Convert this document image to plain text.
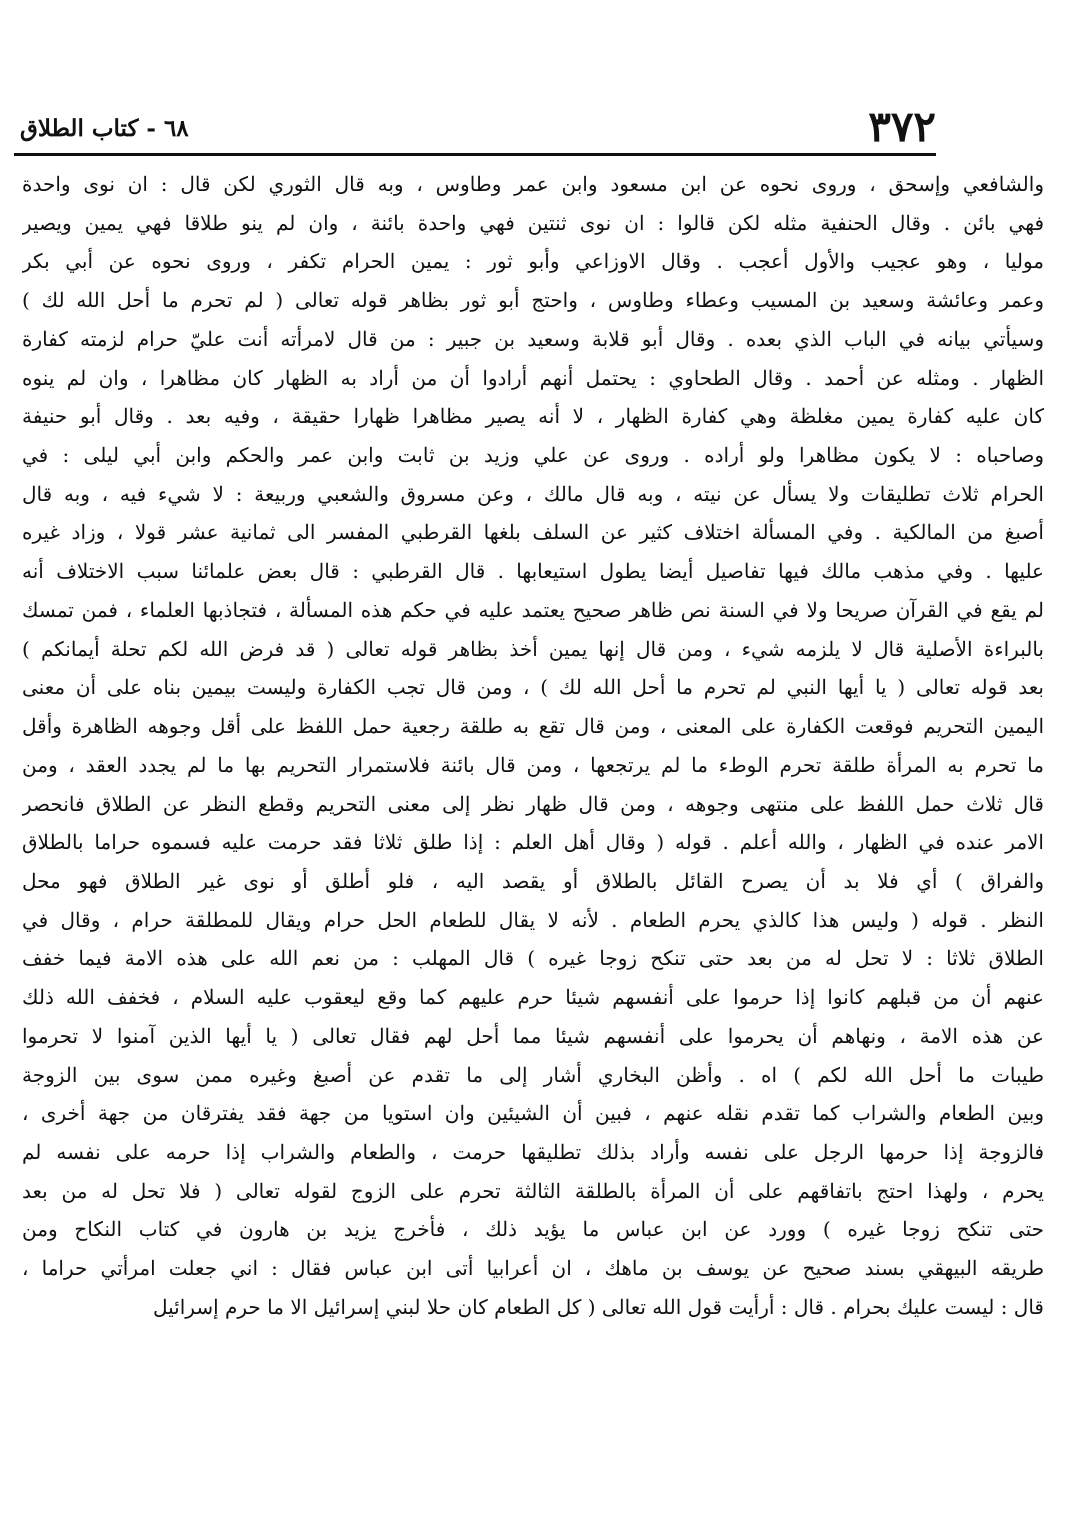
٣٧٢
٦٨ - كتاب الطلاق
والشافعي وإسحق ، وروى نحوه عن ابن مسعود وابن عمر وطاوس ، وبه قال الثوري لكن قال : ان نوى واحدة
فهي بائن . وقال الحنفية مثله لكن قالوا : ان نوى ثنتين فهي واحدة بائنة ، وان لم ينو طلاقا فهي يمين ويصير
موليا ، وهو عجيب والأول أعجب . وقال الاوزاعي وأبو ثور : يمين الحرام تكفر ، وروى نحوه عن أبي بكر
وعمر وعائشة وسعيد بن المسيب وعطاء وطاوس ، واحتج أبو ثور بظاهر قوله تعالى ( لم تحرم ما أحل الله لك )
وسيأتي بيانه في الباب الذي بعده . وقال أبو قلابة وسعيد بن جبير : من قال لامرأته أنت عليّ حرام لزمته كفارة
الظهار . ومثله عن أحمد . وقال الطحاوي : يحتمل أنهم أرادوا أن من أراد به الظهار كان مظاهرا ، وان لم ينوه
كان عليه كفارة يمين مغلظة وهي كفارة الظهار ، لا أنه يصير مظاهرا ظهارا حقيقة ، وفيه بعد . وقال أبو حنيفة
وصاحباه : لا يكون مظاهرا ولو أراده . وروى عن علي وزيد بن ثابت وابن عمر والحكم وابن أبي ليلى : في
الحرام ثلاث تطليقات ولا يسأل عن نيته ، وبه قال مالك ، وعن مسروق والشعبي وربيعة : لا شيء فيه ، وبه قال
أصبغ من المالكية . وفي المسألة اختلاف كثير عن السلف بلغها القرطبي المفسر الى ثمانية عشر قولا ، وزاد غيره
عليها . وفي مذهب مالك فيها تفاصيل أيضا يطول استيعابها . قال القرطبي : قال بعض علمائنا سبب الاختلاف أنه
لم يقع في القرآن صريحا ولا في السنة نص ظاهر صحيح يعتمد عليه في حكم هذه المسألة ، فتجاذبها العلماء ، فمن تمسك
بالبراءة الأصلية قال لا يلزمه شيء ، ومن قال إنها يمين أخذ بظاهر قوله تعالى ( قد فرض الله لكم تحلة أيمانكم )
بعد قوله تعالى ( يا أيها النبي لم تحرم ما أحل الله لك ) ، ومن قال تجب الكفارة وليست بيمين بناه على أن معنى
اليمين التحريم فوقعت الكفارة على المعنى ، ومن قال تقع به طلقة رجعية حمل اللفظ على أقل وجوهه الظاهرة وأقل
ما تحرم به المرأة طلقة تحرم الوطء ما لم يرتجعها ، ومن قال بائنة فلاستمرار التحريم بها ما لم يجدد العقد ، ومن
قال ثلاث حمل اللفظ على منتهى وجوهه ، ومن قال ظهار نظر إلى معنى التحريم وقطع النظر عن الطلاق فانحصر
الامر عنده في الظهار ، والله أعلم . قوله ( وقال أهل العلم : إذا طلق ثلاثا فقد حرمت عليه فسموه حراما بالطلاق
والفراق ) أي فلا بد أن يصرح القائل بالطلاق أو يقصد اليه ، فلو أطلق أو نوى غير الطلاق فهو محل
النظر . قوله ( وليس هذا كالذي يحرم الطعام . لأنه لا يقال للطعام الحل حرام ويقال للمطلقة حرام ، وقال في
الطلاق ثلاثا : لا تحل له من بعد حتى تنكح زوجا غيره ) قال المهلب : من نعم الله على هذه الامة فيما خفف
عنهم أن من قبلهم كانوا إذا حرموا على أنفسهم شيئا حرم عليهم كما وقع ليعقوب عليه السلام ، فخفف الله ذلك
عن هذه الامة ، ونهاهم أن يحرموا على أنفسهم شيئا مما أحل لهم فقال تعالى ( يا أيها الذين آمنوا لا تحرموا
طيبات ما أحل الله لكم ) اه . وأظن البخاري أشار إلى ما تقدم عن أصبغ وغيره ممن سوى بين الزوجة
وبين الطعام والشراب كما تقدم نقله عنهم ، فبين أن الشيئين وان استويا من جهة فقد يفترقان من جهة أخرى ،
فالزوجة إذا حرمها الرجل على نفسه وأراد بذلك تطليقها حرمت ، والطعام والشراب إذا حرمه على نفسه لم
يحرم ، ولهذا احتج باتفاقهم على أن المرأة بالطلقة الثالثة تحرم على الزوج لقوله تعالى ( فلا تحل له من بعد
حتى تنكح زوجا غيره ) وورد عن ابن عباس ما يؤيد ذلك ، فأخرج يزيد بن هارون في كتاب النكاح ومن
طريقه البيهقي بسند صحيح عن يوسف بن ماهك ، ان أعرابيا أتى ابن عباس فقال : اني جعلت امرأتي حراما ،
قال : ليست عليك بحرام . قال : أرأيت قول الله تعالى ( كل الطعام كان حلا لبني إسرائيل الا ما حرم إسرائيل
